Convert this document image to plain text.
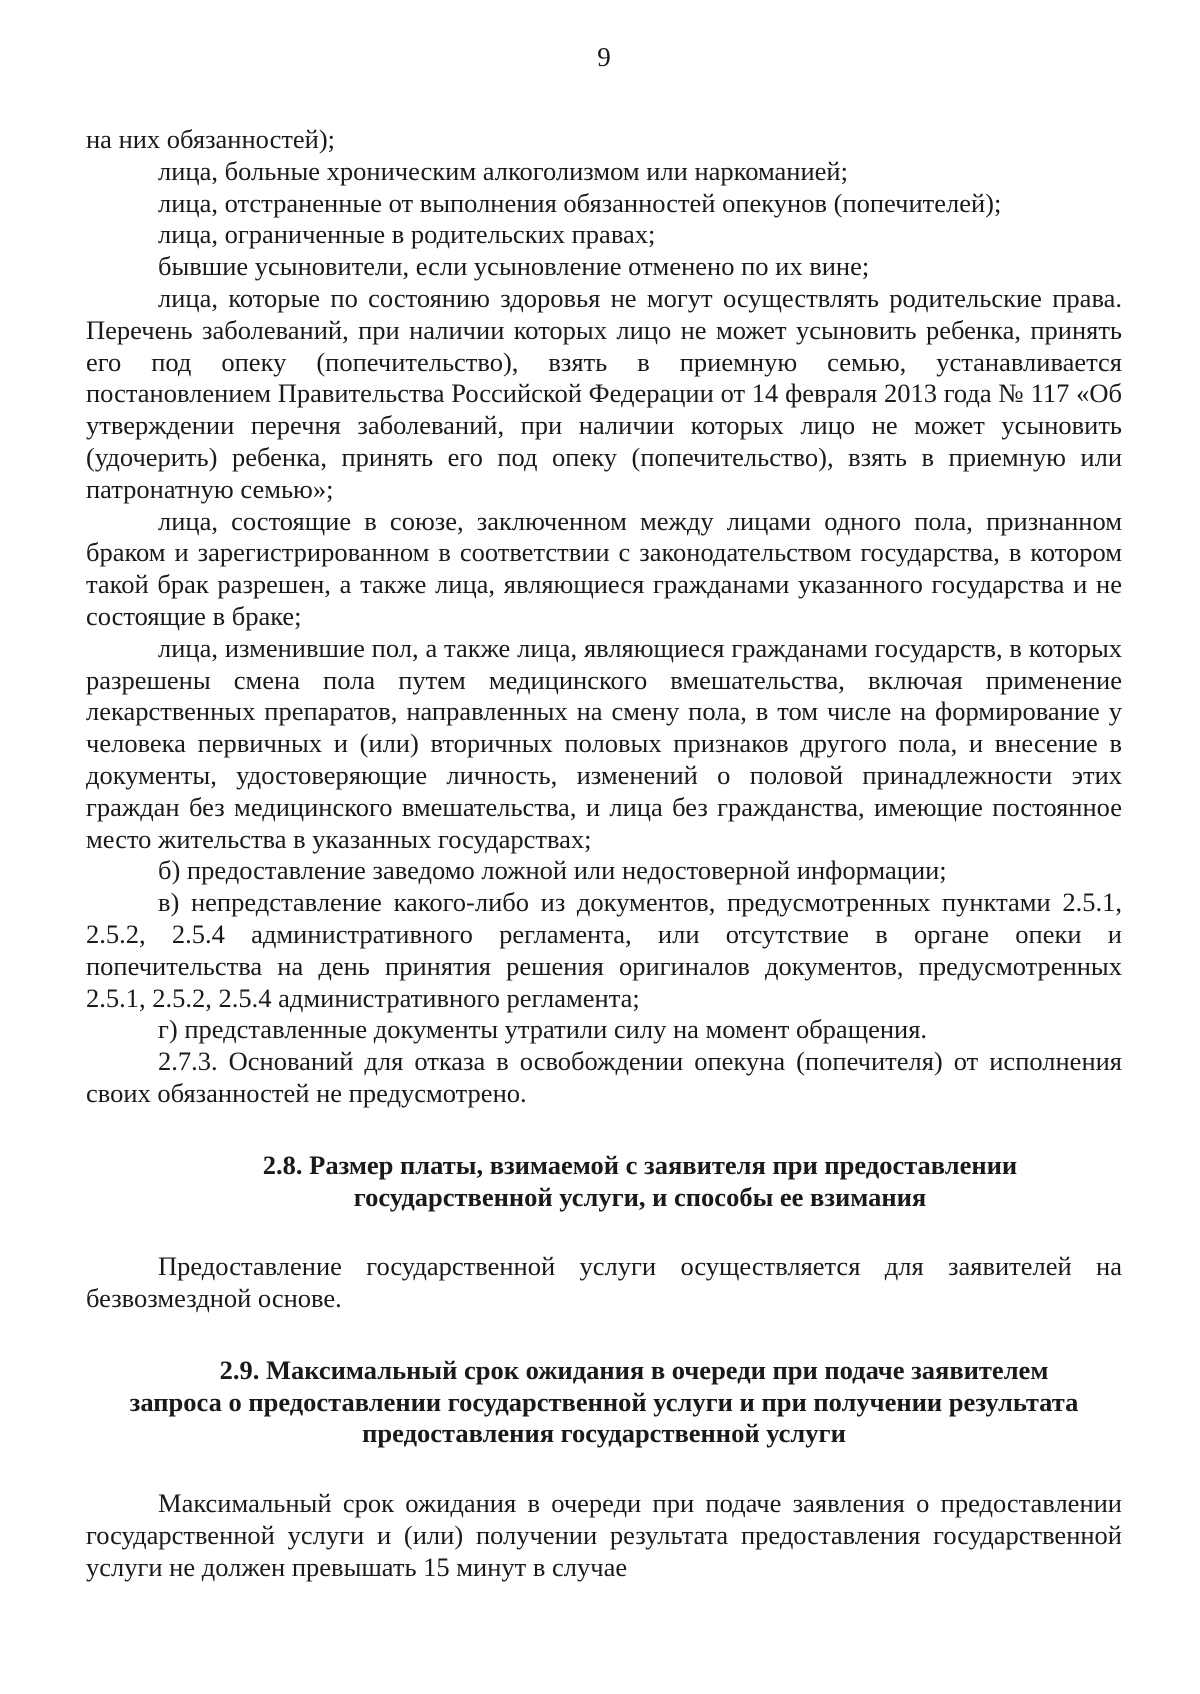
9

на них обязанностей);

лица, больные хроническим алкоголизмом или наркоманией;

лица, отстраненные от выполнения обязанностей опекунов (попечителей);

лица, ограниченные в родительских правах;

бывшие усыновители, если усыновление отменено по их вине;

лица, которые по состоянию здоровья не могут осуществлять родительские права. Перечень заболеваний, при наличии которых лицо не может усыновить ребенка, принять его под опеку (попечительство), взять в приемную семью, устанавливается постановлением Правительства Российской Федерации от 14 февраля 2013 года № 117 «Об утверждении перечня заболеваний, при наличии которых лицо не может усыновить (удочерить) ребенка, принять его под опеку (попечительство), взять в приемную или патронатную семью»;

лица, состоящие в союзе, заключенном между лицами одного пола, признанном браком и зарегистрированном в соответствии с законодательством государства, в котором такой брак разрешен, а также лица, являющиеся гражданами указанного государства и не состоящие в браке;

лица, изменившие пол, а также лица, являющиеся гражданами государств, в которых разрешены смена пола путем медицинского вмешательства, включая применение лекарственных препаратов, направленных на смену пола, в том числе на формирование у человека первичных и (или) вторичных половых признаков другого пола, и внесение в документы, удостоверяющие личность, изменений о половой принадлежности этих граждан без медицинского вмешательства, и лица без гражданства, имеющие постоянное место жительства в указанных государствах;

б) предоставление заведомо ложной или недостоверной информации;

в) непредставление какого-либо из документов, предусмотренных пунктами 2.5.1, 2.5.2, 2.5.4 административного регламента, или отсутствие в органе опеки и попечительства на день принятия решения оригиналов документов, предусмотренных 2.5.1, 2.5.2, 2.5.4 административного регламента;

г) представленные документы утратили силу на момент обращения.

2.7.3. Оснований для отказа в освобождении опекуна (попечителя) от исполнения своих обязанностей не предусмотрено.

2.8. Размер платы, взимаемой с заявителя при предоставлении
государственной услуги, и способы ее взимания

Предоставление государственной услуги осуществляется для заявителей на безвозмездной основе.

2.9. Максимальный срок ожидания в очереди при подаче заявителем
запроса о предоставлении государственной услуги и при получении результата
предоставления государственной услуги

Максимальный срок ожидания в очереди при подаче заявления о предоставлении государственной услуги и (или) получении результата предоставления государственной услуги не должен превышать 15 минут в случае
